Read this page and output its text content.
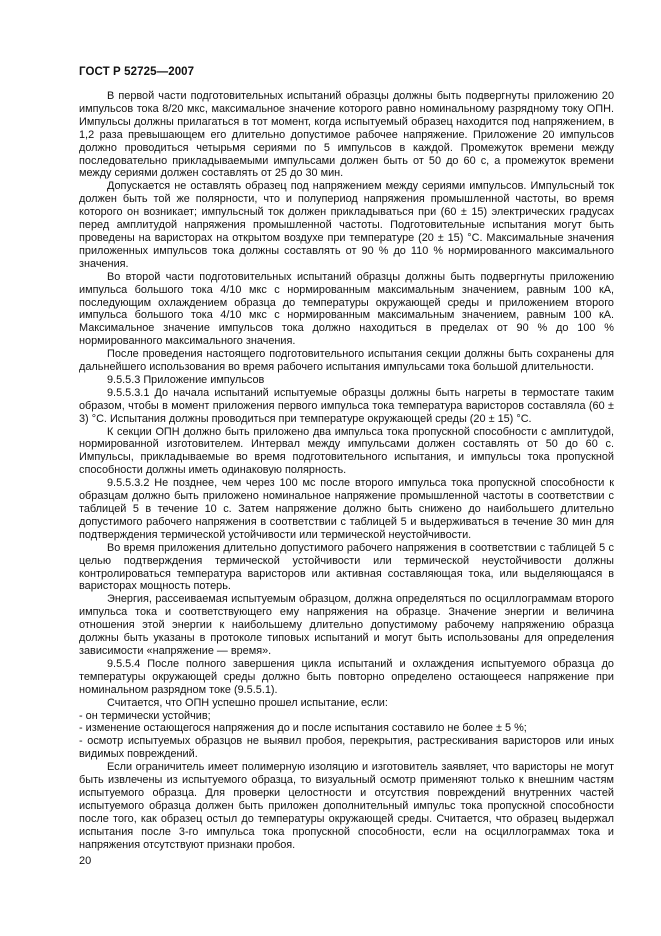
ГОСТ Р 52725—2007

В первой части подготовительных испытаний образцы должны быть подвергнуты приложению 20 импульсов тока 8/20 мкс, максимальное значение которого равно номинальному разрядному току ОПН. Импульсы должны прилагаться в тот момент, когда испытуемый образец находится под напряжением, в 1,2 раза превышающем его длительно допустимое рабочее напряжение. Приложение 20 импульсов должно проводиться четырьмя сериями по 5 импульсов в каждой. Промежуток времени между последовательно прикладываемыми импульсами должен быть от 50 до 60 с, а промежуток времени между сериями должен составлять от 25 до 30 мин.

Допускается не оставлять образец под напряжением между сериями импульсов. Импульсный ток должен быть той же полярности, что и полупериод напряжения промышленной частоты, во время которого он возникает; импульсный ток должен прикладываться при (60 ± 15) электрических градусах перед амплитудой напряжения промышленной частоты. Подготовительные испытания могут быть проведены на варисторах на открытом воздухе при температуре (20 ± 15) °С. Максимальные значения приложенных импульсов тока должны составлять от 90 % до 110 % нормированного максимального значения.

Во второй части подготовительных испытаний образцы должны быть подвергнуты приложению импульса большого тока 4/10 мкс с нормированным максимальным значением, равным 100 кА, последующим охлаждением образца до температуры окружающей среды и приложением второго импульса большого тока 4/10 мкс с нормированным максимальным значением, равным 100 кА. Максимальное значение импульсов тока должно находиться в пределах от 90 % до 100 % нормированного максимального значения.

После проведения настоящего подготовительного испытания секции должны быть сохранены для дальнейшего использования во время рабочего испытания импульсами тока большой длительности.

9.5.5.3 Приложение импульсов

9.5.5.3.1 До начала испытаний испытуемые образцы должны быть нагреты в термостате таким образом, чтобы в момент приложения первого импульса тока температура варисторов составляла (60 ± 3) °С. Испытания должны проводиться при температуре окружающей среды (20 ± 15) °С.

К секции ОПН должно быть приложено два импульса тока пропускной способности с амплитудой, нормированной изготовителем. Интервал между импульсами должен составлять от 50 до 60 с. Импульсы, прикладываемые во время подготовительного испытания, и импульсы тока пропускной способности должны иметь одинаковую полярность.

9.5.5.3.2 Не позднее, чем через 100 мс после второго импульса тока пропускной способности к образцам должно быть приложено номинальное напряжение промышленной частоты в соответствии с таблицей 5 в течение 10 с. Затем напряжение должно быть снижено до наибольшего длительно допустимого рабочего напряжения в соответствии с таблицей 5 и выдерживаться в течение 30 мин для подтверждения термической устойчивости или термической неустойчивости.

Во время приложения длительно допустимого рабочего напряжения в соответствии с таблицей 5 с целью подтверждения термической устойчивости или термической неустойчивости должны контролироваться температура варисторов или активная составляющая тока, или выделяющаяся в варисторах мощность потерь.

Энергия, рассеиваемая испытуемым образцом, должна определяться по осциллограммам второго импульса тока и соответствующего ему напряжения на образце. Значение энергии и величина отношения этой энергии к наибольшему длительно допустимому рабочему напряжению образца должны быть указаны в протоколе типовых испытаний и могут быть использованы для определения зависимости «напряжение — время».

9.5.5.4 После полного завершения цикла испытаний и охлаждения испытуемого образца до температуры окружающей среды должно быть повторно определено остающееся напряжение при номинальном разрядном токе (9.5.5.1).

Считается, что ОПН успешно прошел испытание, если:

- он термически устойчив;

- изменение остающегося напряжения до и после испытания составило не более ± 5 %;

- осмотр испытуемых образцов не выявил пробоя, перекрытия, растрескивания варисторов или иных видимых повреждений.

Если ограничитель имеет полимерную изоляцию и изготовитель заявляет, что варисторы не могут быть извлечены из испытуемого образца, то визуальный осмотр применяют только к внешним частям испытуемого образца. Для проверки целостности и отсутствия повреждений внутренних частей испытуемого образца должен быть приложен дополнительный импульс тока пропускной способности после того, как образец остыл до температуры окружающей среды. Считается, что образец выдержал испытания после 3-го импульса тока пропускной способности, если на осциллограммах тока и напряжения отсутствуют признаки пробоя.

20
